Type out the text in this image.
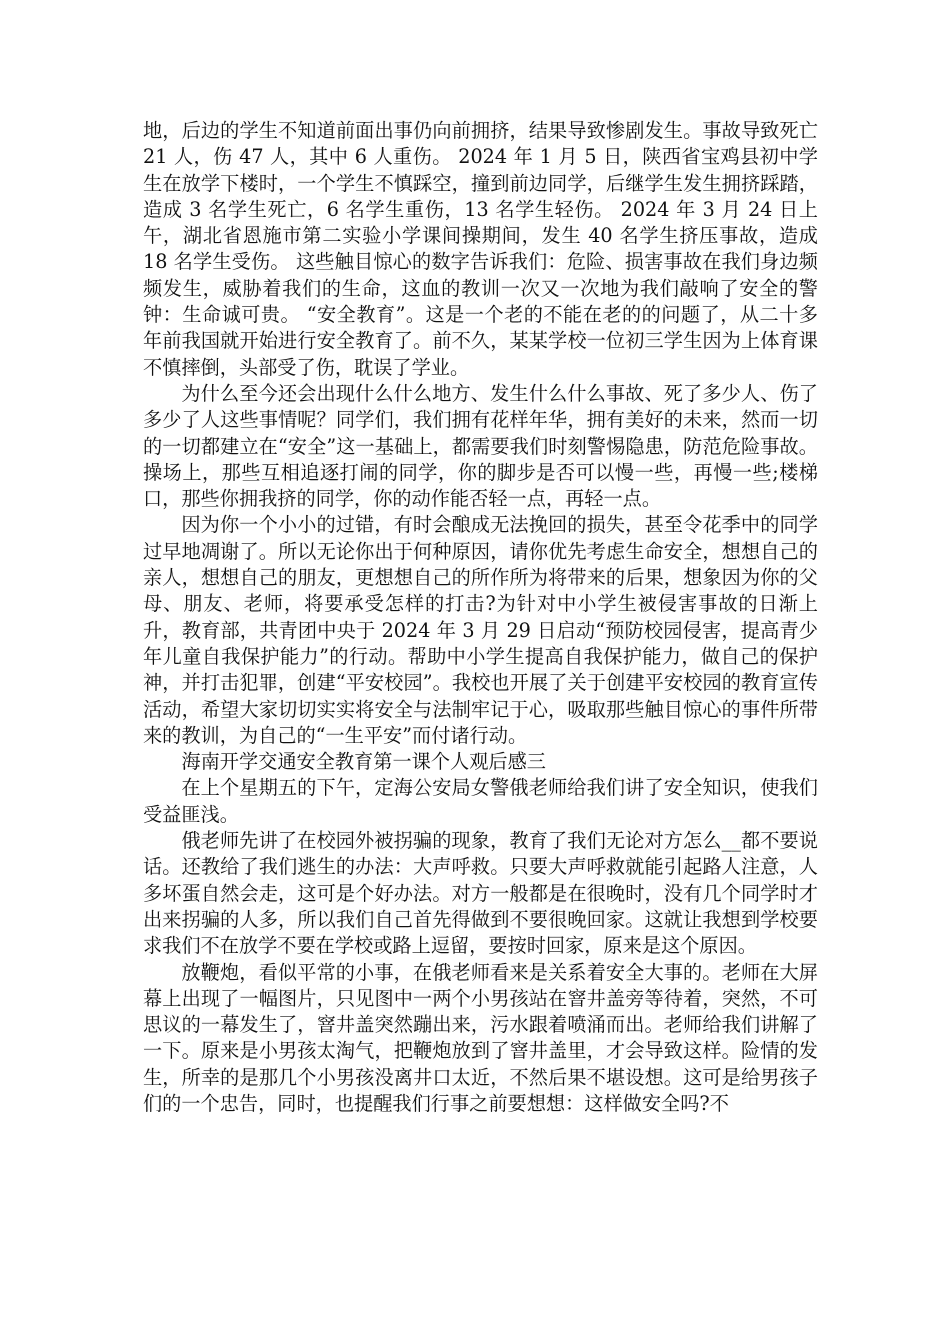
地，后边的学生不知道前面出事仍向前拥挤，结果导致惨剧发生。事故导致死亡 21 人，伤 47 人，其中 6 人重伤。 2024 年 1 月 5 日，陕西省宝鸡县初中学生在放学下楼时，一个学生不慎踩空，撞到前边同学，后继学生发生拥挤踩踏，造成 3 名学生死亡，6 名学生重伤，13 名学生轻伤。 2024 年 3 月 24 日上午，湖北省恩施市第二实验小学课间操期间，发生 40 名学生挤压事故，造成 18 名学生受伤。 这些触目惊心的数字告诉我们：危险、损害事故在我们身边频频发生，威胁着我们的生命，这血的教训一次又一次地为我们敲响了安全的警钟：生命诚可贵。 “安全教育”。这是一个老的不能在老的的问题了，从二十多年前我国就开始进行安全教育了。前不久，某某学校一位初三学生因为上体育课不慎摔倒，头部受了伤，耽误了学业。

为什么至今还会出现什么什么地方、发生什么什么事故、死了多少人、伤了多少了人这些事情呢？同学们，我们拥有花样年华，拥有美好的未来，然而一切的一切都建立在“安全”这一基础上，都需要我们时刻警惕隐患，防范危险事故。操场上，那些互相追逐打闹的同学，你的脚步是否可以慢一些，再慢一些;楼梯口，那些你拥我挤的同学，你的动作能否轻一点，再轻一点。

因为你一个小小的过错，有时会酿成无法挽回的损失，甚至令花季中的同学过早地凋谢了。所以无论你出于何种原因，请你优先考虑生命安全，想想自己的亲人，想想自己的朋友，更想想自己的所作所为将带来的后果，想象因为你的父母、朋友、老师，将要承受怎样的打击?为针对中小学生被侵害事故的日渐上升，教育部，共青团中央于 2024 年 3 月 29 日启动“预防校园侵害，提高青少年儿童自我保护能力”的行动。帮助中小学生提高自我保护能力，做自己的保护神，并打击犯罪，创建“平安校园”。我校也开展了关于创建平安校园的教育宣传活动，希望大家切切实实将安全与法制牢记于心，吸取那些触目惊心的事件所带来的教训，为自己的“一生平安”而付诸行动。

海南开学交通安全教育第一课个人观后感三

在上个星期五的下午，定海公安局女警俄老师给我们讲了安全知识，使我们受益匪浅。

俄老师先讲了在校园外被拐骗的现象，教育了我们无论对方怎么__都不要说话。还教给了我们逃生的办法：大声呼救。只要大声呼救就能引起路人注意，人多坏蛋自然会走，这可是个好办法。对方一般都是在很晚时，没有几个同学时才出来拐骗的人多，所以我们自己首先得做到不要很晚回家。这就让我想到学校要求我们不在放学不要在学校或路上逗留，要按时回家，原来是这个原因。

放鞭炮，看似平常的小事，在俄老师看来是关系着安全大事的。老师在大屏幕上出现了一幅图片，只见图中一两个小男孩站在窨井盖旁等待着，突然，不可思议的一幕发生了，窨井盖突然蹦出来，污水跟着喷涌而出。老师给我们讲解了一下。原来是小男孩太淘气，把鞭炮放到了窨井盖里，才会导致这样。险情的发生，所幸的是那几个小男孩没离井口太近，不然后果不堪设想。这可是给男孩子们的一个忠告，同时，也提醒我们行事之前要想想：这样做安全吗?不
